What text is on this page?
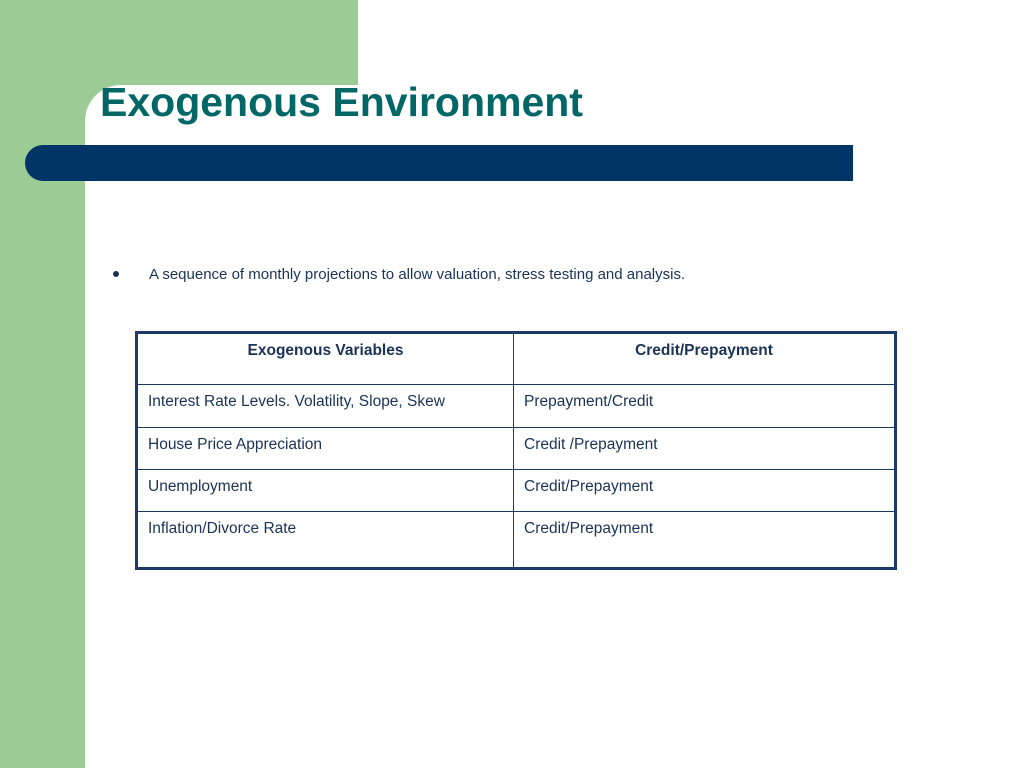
Exogenous Environment
A sequence of monthly projections to allow valuation, stress testing and analysis.
Exogenous Variables	Credit/Prepayment
Interest Rate Levels. Volatility, Slope, Skew	Prepayment/Credit
House Price Appreciation	Credit /Prepayment
Unemployment	Credit/Prepayment
Inflation/Divorce Rate	Credit/Prepayment
